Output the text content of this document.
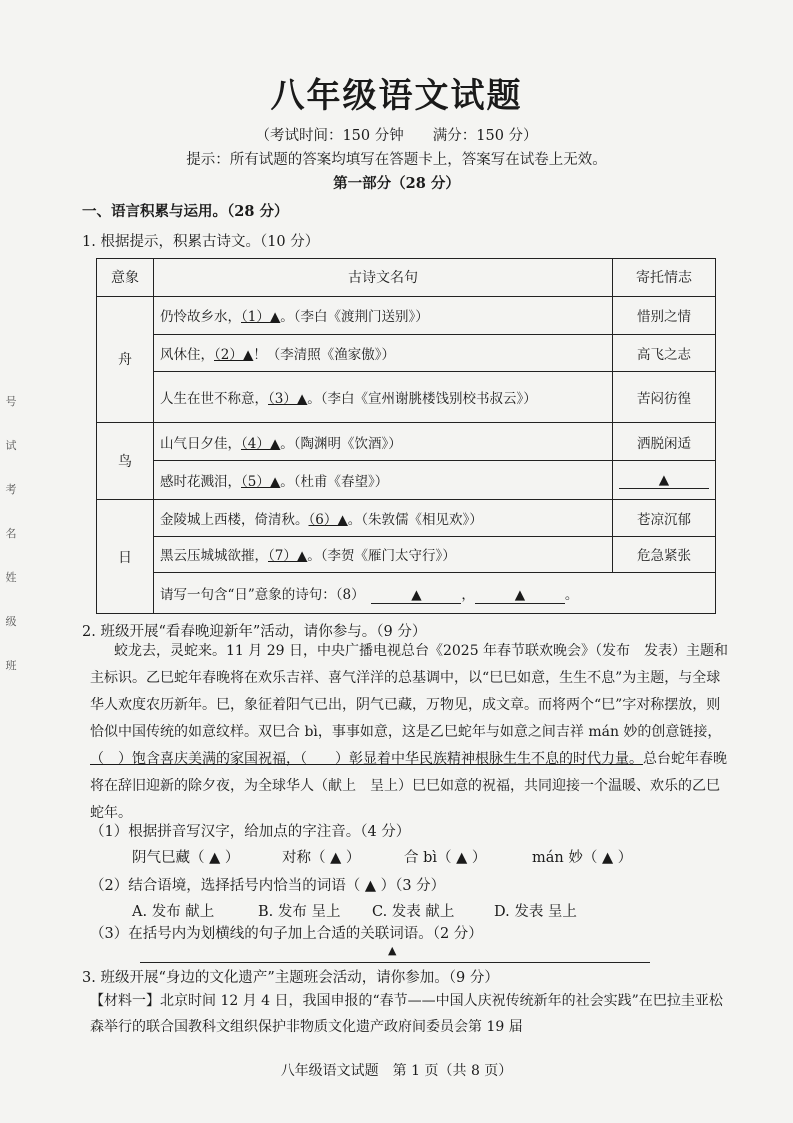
八年级语文试题
（考试时间：150 分钟　　满分：150 分）
提示：所有试题的答案均填写在答题卡上，答案写在试卷上无效。
第一部分（28 分）
一、语言积累与运用。（28 分）
1. 根据提示，积累古诗文。（10 分）
号
试
考
名
姓
级
班
意象	古诗文名句	寄托情志
舟	仍怜故乡水，（1）▲。（李白《渡荆门送别》）	惜别之情
	风休住，（2）▲！（李清照《渔家傲》）	高飞之志
	人生在世不称意，（3）▲。（李白《宣州谢朓楼饯别校书叔云》）	苦闷彷徨
鸟	山气日夕佳，（4）▲。（陶渊明《饮酒》）	洒脱闲适
	感时花溅泪，（5）▲。（杜甫《春望》）	▲
日	金陵城上西楼，倚清秋。（6）▲。（朱敦儒《相见欢》）	苍凉沉郁
	黑云压城城欲摧，（7）▲。（李贺《雁门太守行》）	危急紧张
	请写一句含“日”意象的诗句：（8）　 ▲ ， ▲ 。	
2. 班级开展“看春晚迎新年”活动，请你参与。（9 分）
蛟龙去，灵蛇来。11 月 29 日，中央广播电视总台《2025 年春节联欢晚会》（发布　发表）主题和主标识。乙巳蛇年春晚将在欢乐吉祥、喜气洋洋的总基调中，以“巳巳如意，生生不息”为主题，与全球华人欢度农历新年。巳，象征着阳气已出，阴气已藏，万物见，成文章。而将两个“巳”字对称摆放，则恰似中国传统的如意纹样。双巳合 bì，事事如意，这是乙巳蛇年与如意之间吉祥 mán 妙的创意链接，（　）饱含喜庆美满的家国祝福，（　　）彰显着中华民族精神根脉生生不息的时代力量。总台蛇年春晚将在辞旧迎新的除夕夜，为全球华人（献上　呈上）巳巳如意的祝福，共同迎接一个温暖、欢乐的乙巳蛇年。
（1）根据拼音写汉字，给加点的字注音。（4 分）
阴气巳藏（ ▲ ）	对称（ ▲ ）	合 bì（ ▲ ）	mán 妙（ ▲ ）
（2）结合语境，选择括号内恰当的词语（ ▲ ）（3 分）
A. 发布 献上	B. 发布 呈上 C. 发表 献上	D. 发表 呈上
（3）在括号内为划横线的句子加上合适的关联词语。（2 分）
▲
3. 班级开展“身边的文化遗产”主题班会活动，请你参加。（9 分）
【材料一】北京时间 12 月 4 日，我国申报的“春节——中国人庆祝传统新年的社会实践”在巴拉圭亚松森举行的联合国教科文组织保护非物质文化遗产政府间委员会第 19 届
八年级语文试题　第 1 页（共 8 页）
